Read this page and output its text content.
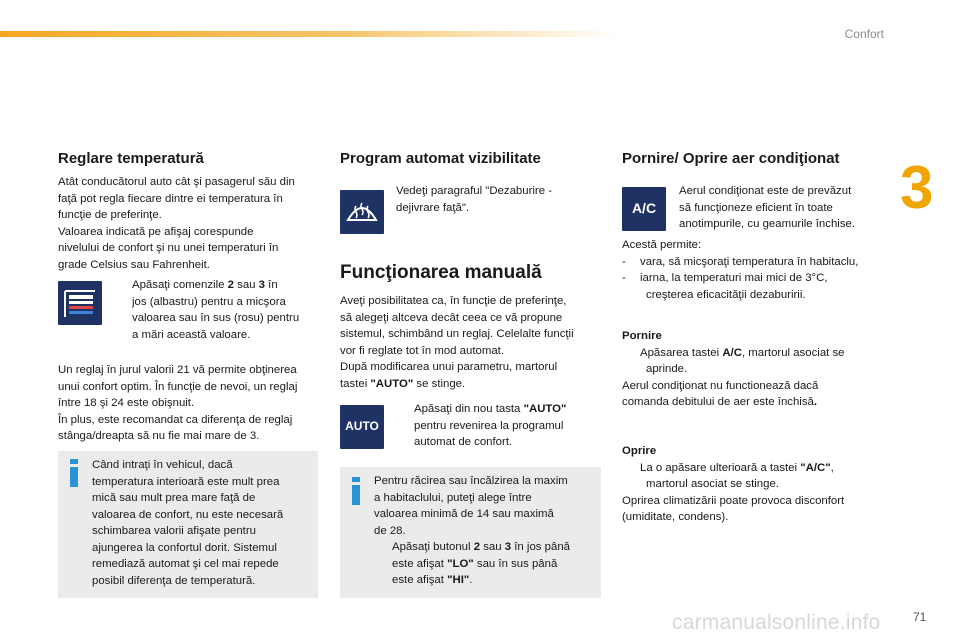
Confort
3
Reglare temperatură
Atât conducătorul auto cât şi pasagerul său din
faţă pot regla fiecare dintre ei temperatura în
funcţie de preferinţe.
Valoarea indicată pe afişaj corespunde
nivelului de confort şi nu unei temperaturi în
grade Celsius sau Fahrenheit.
Apăsaţi comenzile 2 sau 3 în
jos (albastru) pentru a micşora
valoarea sau în sus (rosu) pentru
a mări această valoare.
Un reglaj în jurul valorii 21 vă permite obţinerea
unui confort optim. În funcţie de nevoi, un reglaj
între 18 şi 24 este obişnuit.
În plus, este recomandat ca diferenţa de reglaj
stânga/dreapta să nu fie mai mare de 3.
Când intraţi în vehicul, dacă
temperatura interioară este mult prea
mică sau mult prea mare faţă de
valoarea de confort, nu este necesară
schimbarea valorii afişate pentru
ajungerea la confortul dorit. Sistemul
remediază automat şi cel mai repede
posibil diferenţa de temperatură.
Program automat vizibilitate
Vedeţi paragraful "Dezaburire -
dejivrare faţă".
Funcţionarea manuală
Aveţi posibilitatea ca, în funcţie de preferinţe,
să alegeţi altceva decât ceea ce vă propune
sistemul, schimbând un reglaj. Celelalte funcţii
vor fi reglate tot în mod automat.
După modificarea unui parametru, martorul
tastei "AUTO" se stinge.
AUTO
Apăsaţi din nou tasta "AUTO"
pentru revenirea la programul
automat de confort.
Pentru răcirea sau încălzirea la maxim
a habitaclului, puteţi alege între
valoarea minimă de 14 sau maximă
de 28.
Apăsaţi butonul 2 sau 3 în jos până
este afişat "LO" sau în sus până
este afişat "HI".
Pornire/ Oprire aer condiţionat
A/C
Aerul condiţionat este de prevăzut
să funcţioneze eficient în toate
anotimpurile, cu geamurile închise.
Acestă permite:
- vara, să micşoraţi temperatura în habitaclu,
- iarna, la temperaturi mai mici de 3°C,
creşterea eficacităţii dezaburirii.
Pornire
Apăsarea tastei A/C, martorul asociat se
aprinde.
Aerul condiţionat nu functionează dacă
comanda debitului de aer este închisă.
Oprire
La o apăsare ulterioară a tastei "A/C",
martorul asociat se stinge.
Oprirea climatizării poate provoca disconfort
(umiditate, condens).
carmanualsonline.info	71
